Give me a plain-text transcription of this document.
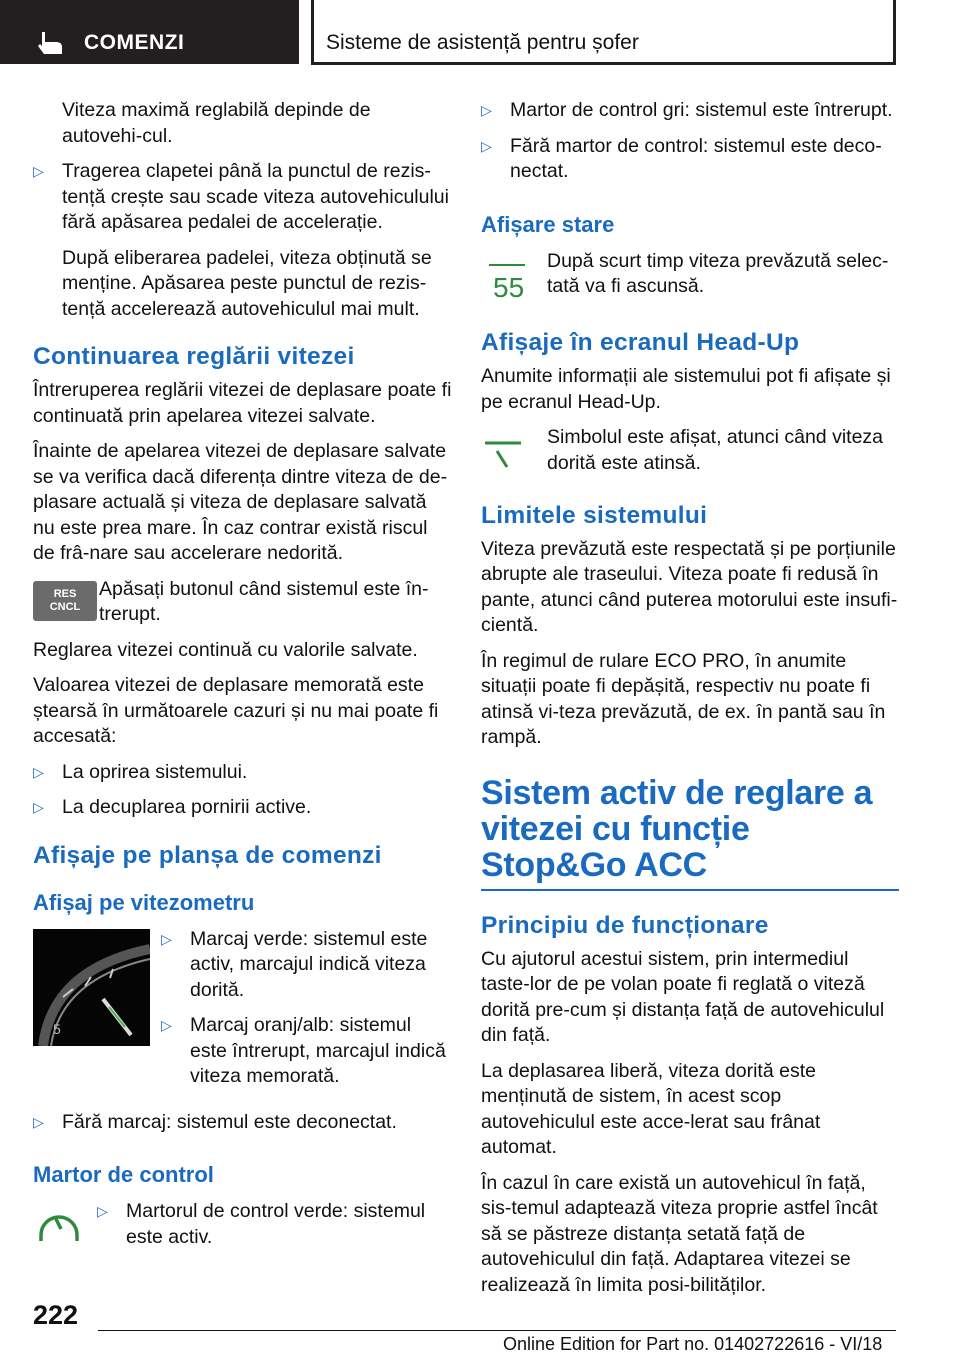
COMENZI	Sisteme de asistență pentru șofer

Viteza maximă reglabilă depinde de autovehi-cul.

▷ Tragerea clapetei până la punctul de rezis-tență crește sau scade viteza autovehiculului fără apăsarea pedalei de accelerație.

După eliberarea padelei, viteza obținută se menține. Apăsarea peste punctul de rezis-tență accelerează autovehiculul mai mult.

Continuarea reglării vitezei

Întreruperea reglării vitezei de deplasare poate fi continuată prin apelarea vitezei salvate.

Înainte de apelarea vitezei de deplasare salvate se va verifica dacă diferența dintre viteza de de-plasare actuală și viteza de deplasare salvată nu este prea mare. În caz contrar există riscul de frâ-nare sau accelerare nedorită.

RES
CNCL
Apăsați butonul când sistemul este în-trerupt.

Reglarea vitezei continuă cu valorile salvate.

Valoarea vitezei de deplasare memorată este ștearsă în următoarele cazuri și nu mai poate fi accesată:

▷ La oprirea sistemului.
▷ La decuplarea pornirii active.
Afișaje pe planșa de comenzi
Afișaj pe vitezometru
5
▷ Marcaj verde: sistemul este activ, marcajul indică viteza dorită.
▷ Marcaj oranj/alb: sistemul este întrerupt, marcajul indică viteza memorată.
▷ Fără marcaj: sistemul este deconectat.
Martor de control
▷ Martorul de control verde: sistemul este activ.
▷ Martor de control gri: sistemul este întrerupt.
▷ Fără martor de control: sistemul este deco-nectat.
Afișare stare
55
După scurt timp viteza prevăzută selec-tată va fi ascunsă.
Afișaje în ecranul Head-Up

Anumite informații ale sistemului pot fi afișate și pe ecranul Head-Up.

Simbolul este afișat, atunci când viteza dorită este atinsă.
Limitele sistemului

Viteza prevăzută este respectată și pe porțiunile abrupte ale traseului. Viteza poate fi redusă în pante, atunci când puterea motorului este insufi-cientă.

În regimul de rulare ECO PRO, în anumite situații poate fi depășită, respectiv nu poate fi atinsă vi-teza prevăzută, de ex. în pantă sau în rampă.

Sistem activ de reglare a vitezei cu funcție Stop&Go ACC
Principiu de funcționare

Cu ajutorul acestui sistem, prin intermediul taste-lor de pe volan poate fi reglată o viteză dorită pre-cum și distanța față de autovehiculul din față.

La deplasarea liberă, viteza dorită este menținută de sistem, în acest scop autovehiculul este acce-lerat sau frânat automat.

În cazul în care există un autovehicul în față, sis-temul adaptează viteza proprie astfel încât să se păstreze distanța setată față de autovehiculul din față. Adaptarea vitezei se realizează în limita posi-bilităților.

222
Online Edition for Part no. 01402722616 - VI/18
